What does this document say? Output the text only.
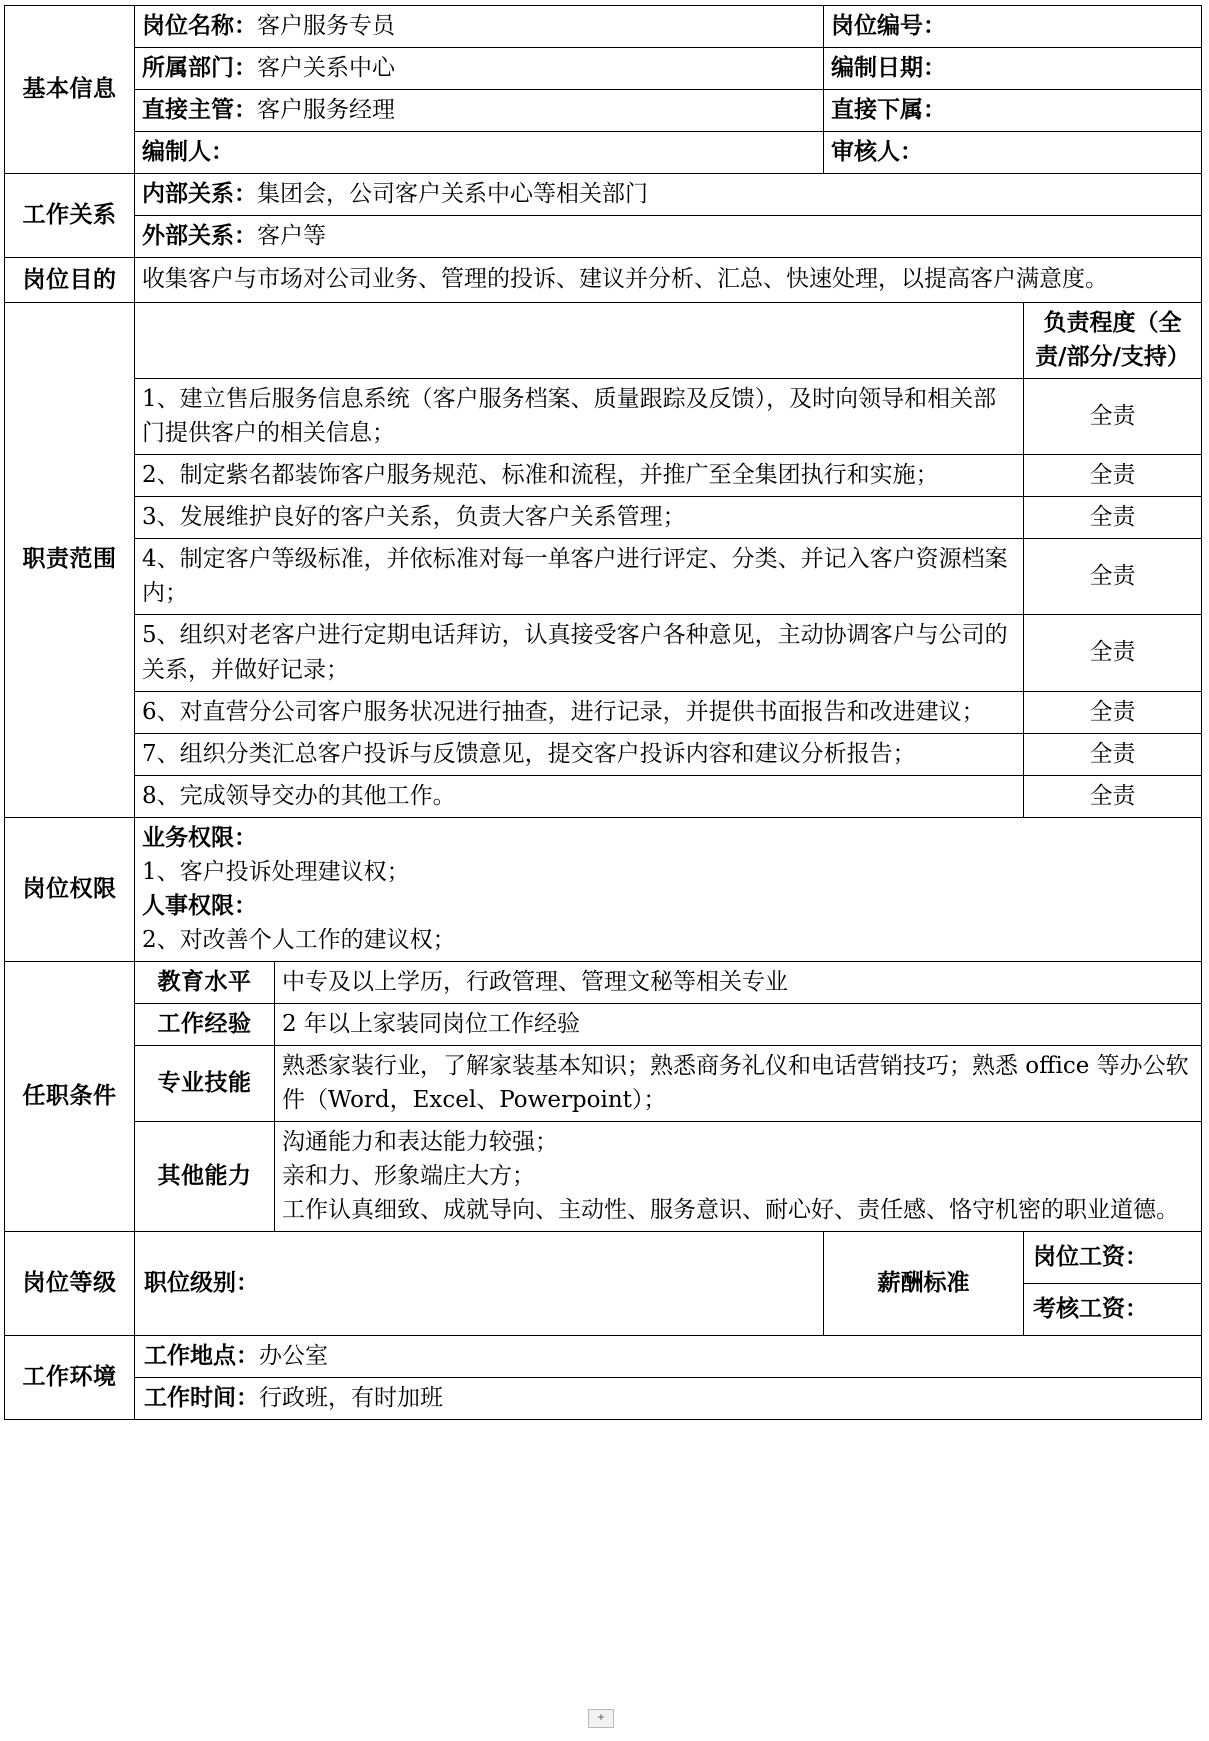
基本信息	岗位名称：客户服务专员		岗位编号：	
	所属部门：客户关系中心		编制日期：	
	直接主管：客户服务经理		直接下属：	
	编制人：		审核人：	
工作关系	内部关系：集团会，公司客户关系中心等相关部门			
	外部关系：客户等			
岗位目的	收集客户与市场对公司业务、管理的投诉、建议并分析、汇总、快速处理，以提高客户满意度。			
职责范围				负责程度（全责/部分/支持）
	1、建立售后服务信息系统（客户服务档案、质量跟踪及反馈），及时向领导和相关部门提供客户的相关信息；			全责
	2、制定紫名都装饰客户服务规范、标准和流程，并推广至全集团执行和实施；			全责
	3、发展维护良好的客户关系，负责大客户关系管理；			全责
	4、制定客户等级标准，并依标准对每一单客户进行评定、分类、并记入客户资源档案内；			全责
	5、组织对老客户进行定期电话拜访，认真接受客户各种意见，主动协调客户与公司的关系，并做好记录；			全责
	6、对直营分公司客户服务状况进行抽查，进行记录，并提供书面报告和改进建议；			全责
	7、组织分类汇总客户投诉与反馈意见，提交客户投诉内容和建议分析报告；			全责
	8、完成领导交办的其他工作。			全责
岗位权限	业务权限：
1、客户投诉处理建议权；
人事权限：
2、对改善个人工作的建议权；			

任职条件	教育水平	中专及以上学历，行政管理、管理文秘等相关专业		
	工作经验	2 年以上家装同岗位工作经验		
	专业技能	熟悉家装行业，了解家装基本知识；熟悉商务礼仪和电话营销技巧；熟悉 office 等办公软件（Word，Excel、Powerpoint）；		
	其他能力	沟通能力和表达能力较强；
亲和力、形象端庄大方；
工作认真细致、成就导向、主动性、服务意识、耐心好、责任感、恪守机密的职业道德。		

岗位等级	职位级别：		薪酬标准	岗位工资：
				考核工资：
工作环境	工作地点：办公室			
	工作时间：行政班，有时加班			
+
